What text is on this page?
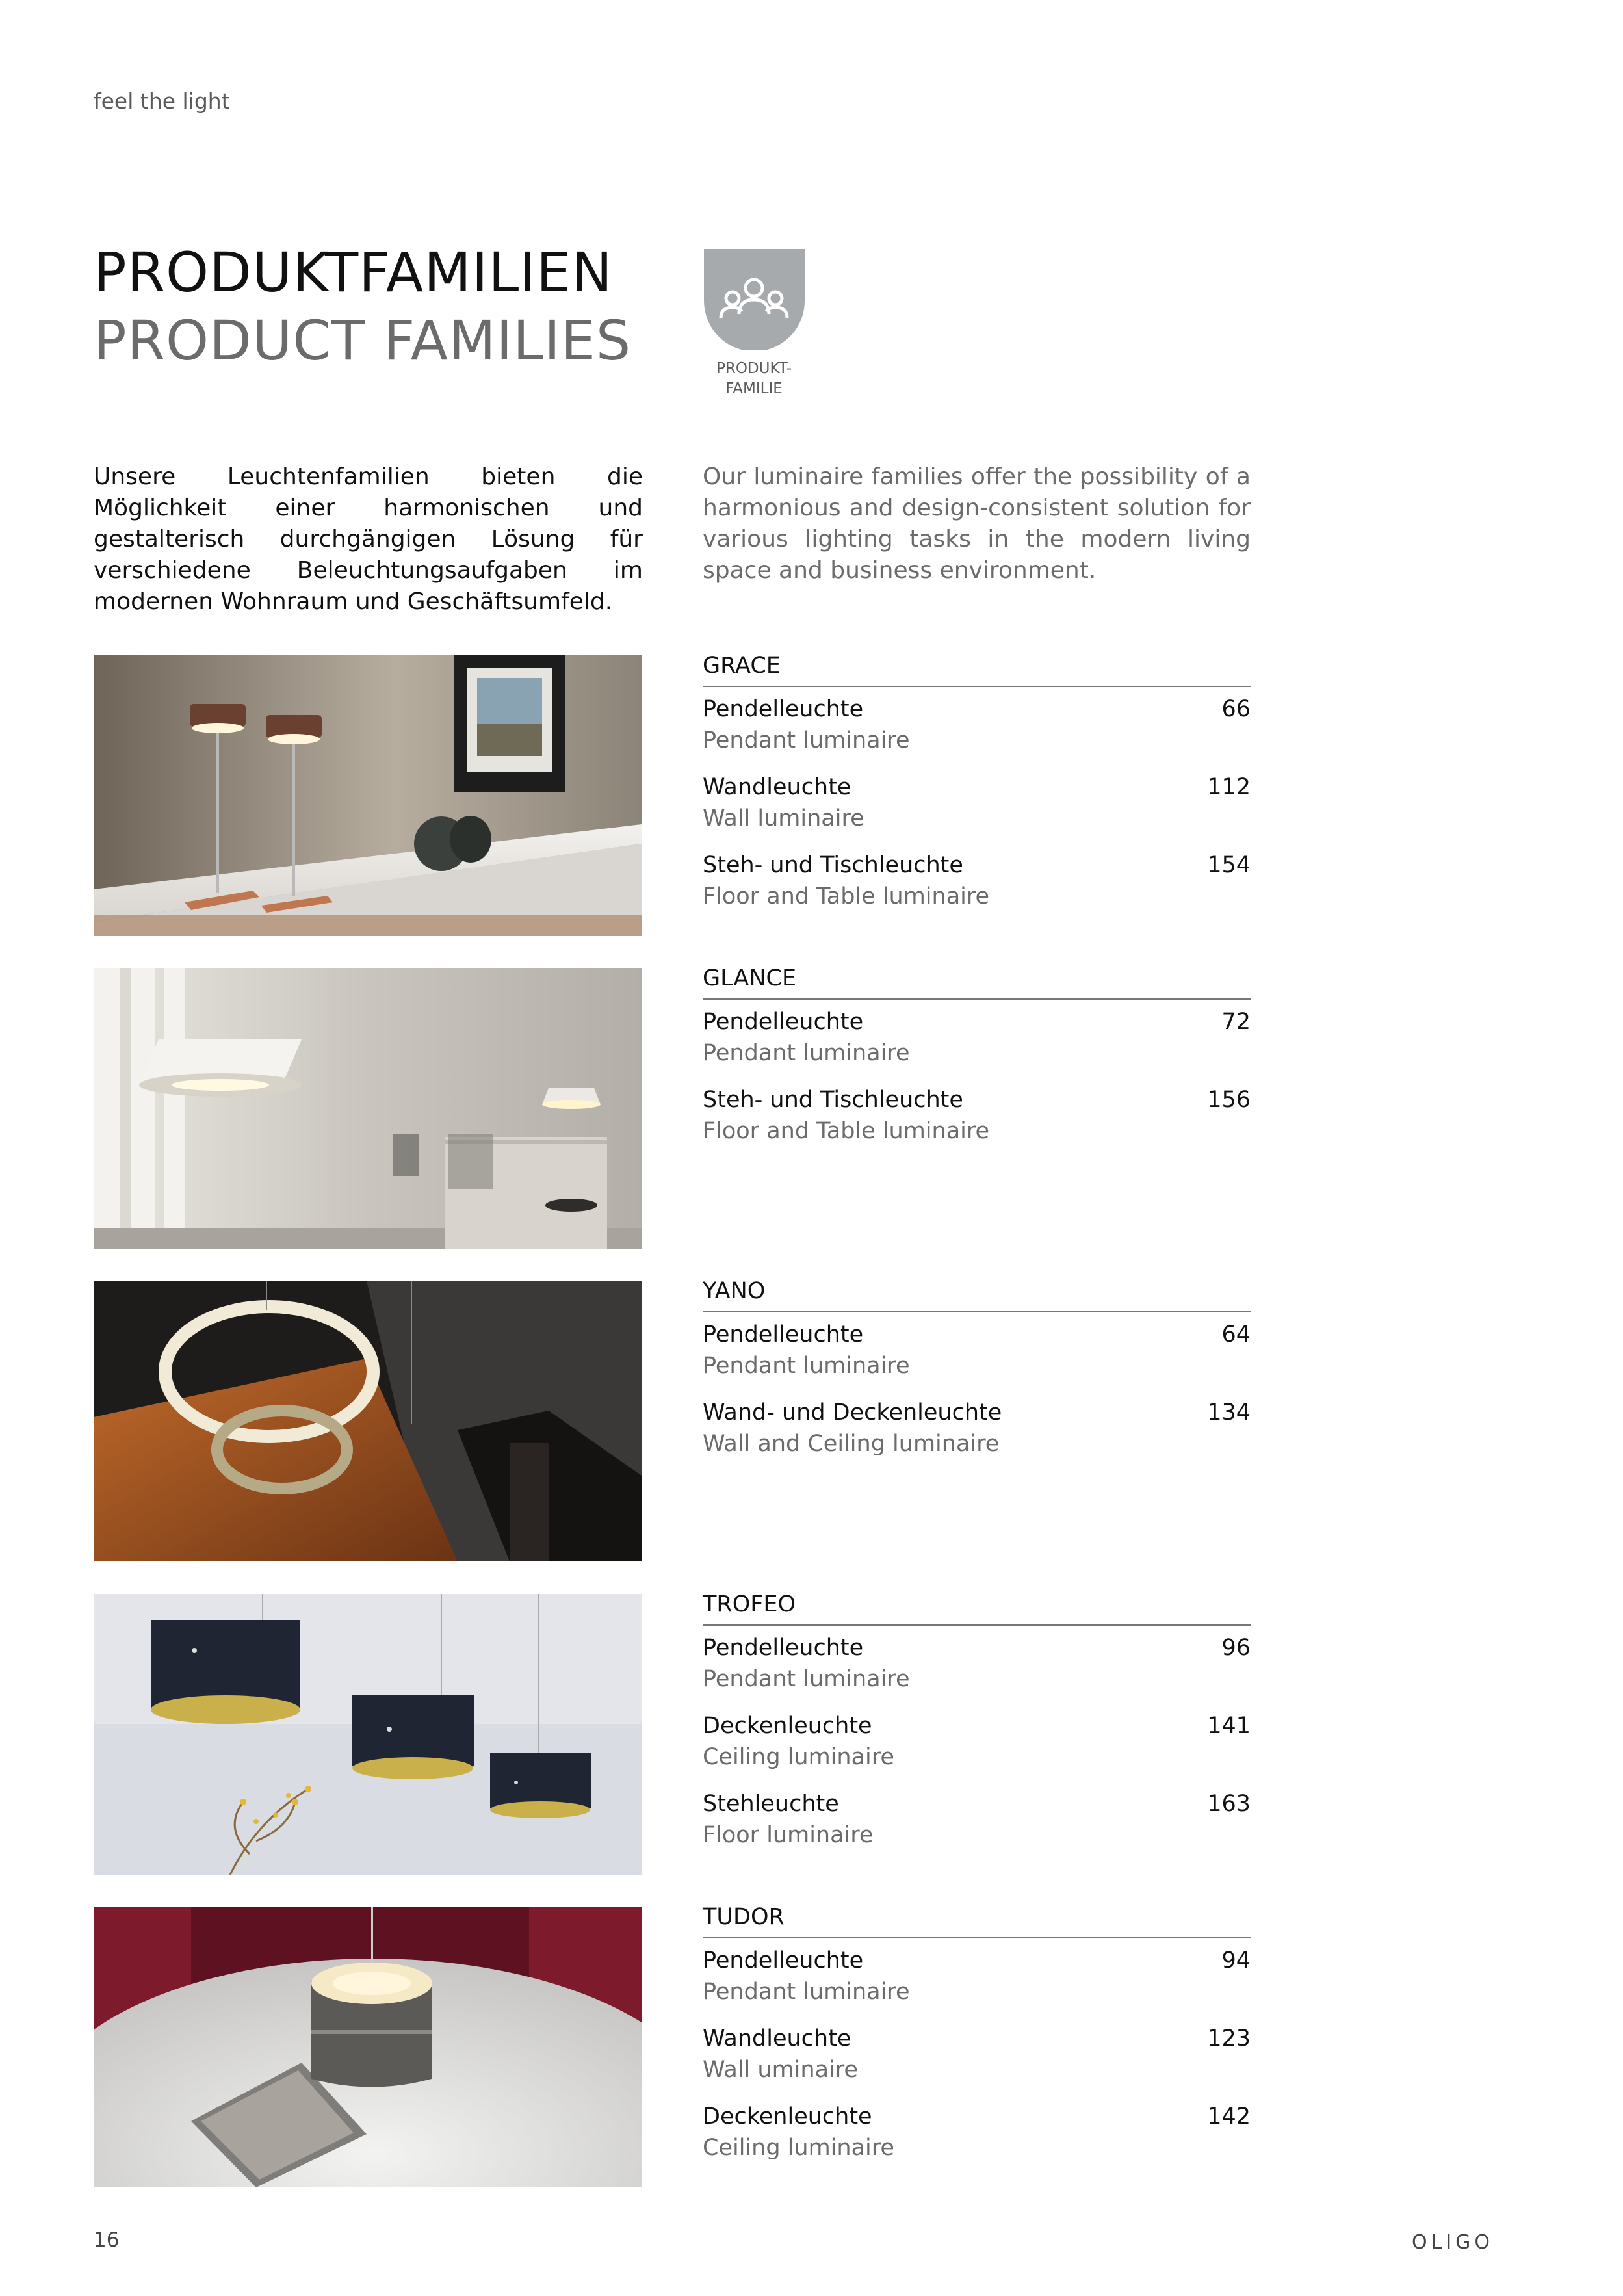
feel the light
PRODUKTFAMILIEN
PRODUCT FAMILIES	PRODUKT-
FAMILIE
Unsere Leuchtenfamilien bieten die Möglichkeit einer harmonischen und gestalterisch durchgängigen Lösung für verschiedene Beleuchtungsaufgaben im modernen Wohnraum und Geschäftsumfeld.
Our luminaire families offer the possibility of a harmonious and design-consistent solution for various lighting tasks in the modern living space and business environment.
GRACE
Pendelleuchte
Pendant luminaire
66
Wandleuchte
Wall luminaire
112
Steh- und Tischleuchte
Floor and Table luminaire
154
GLANCE
Pendelleuchte
Pendant luminaire
72
Steh- und Tischleuchte
Floor and Table luminaire
156
YANO
Pendelleuchte
Pendant luminaire
64
Wand- und Deckenleuchte
Wall and Ceiling luminaire
134
TROFEO
Pendelleuchte
Pendant luminaire
96
Deckenleuchte
Ceiling luminaire
141
Stehleuchte
Floor luminaire
163
TUDOR
Pendelleuchte
Pendant luminaire
94
Wandleuchte
Wall uminaire
123
Deckenleuchte
Ceiling luminaire
142
16	OLIGO
